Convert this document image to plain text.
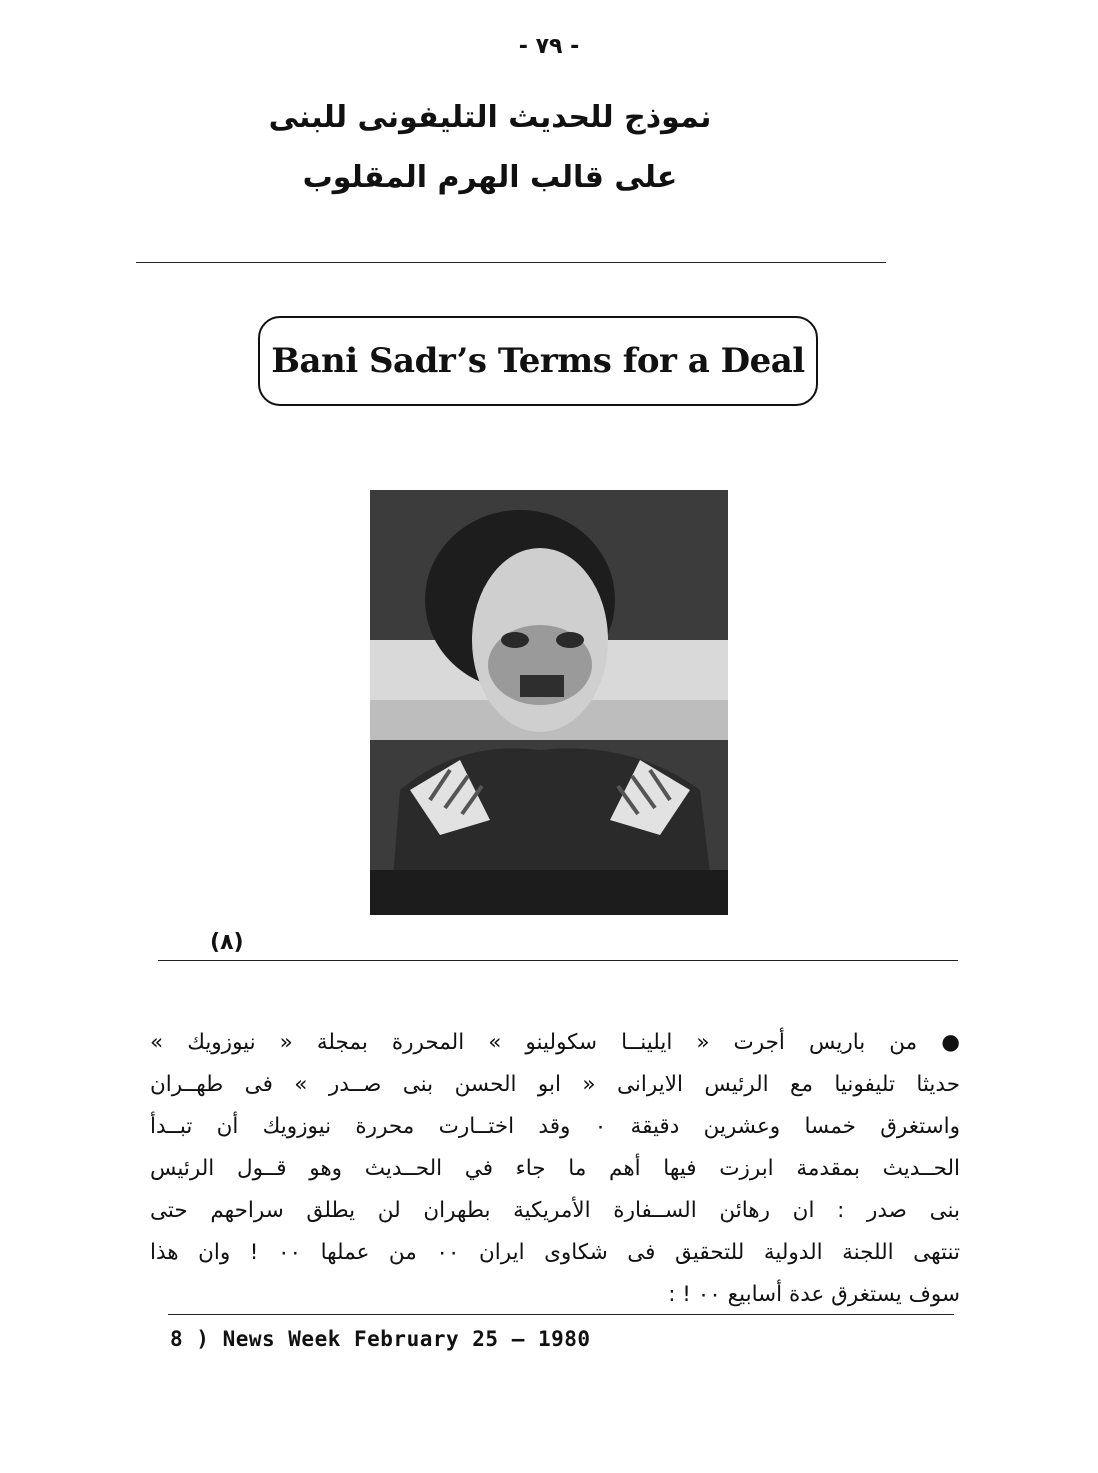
- ٧٩ -
نموذج للحديث التليفونى للبنى
على قالب الهرم المقلوب
Bani Sadr’s Terms for a Deal
(٨)
● من باريس أجرت « ايلينــا سكولينو » المحررة بمجلة « نيوزويك »
حديثا تليفونيا مع الرئيس الايرانى « ابو الحسن بنى صــدر » فى طهــران
واستغرق خمسا وعشرين دقيقة ٠ وقد اختــارت محررة نيوزويك أن تبــدأ
الحــديث بمقدمة ابرزت فيها أهم ما جاء في الحــديث وهو قــول الرئيس
بنى صدر : ان رهائن الســفارة الأمريكية بطهران لن يطلق سراحهم حتى
تنتهى اللجنة الدولية للتحقيق فى شكاوى ايران ٠٠ من عملها ٠٠ ! وان هذا
سوف يستغرق عدة أسابيع ٠٠ ! :
8 ) News Week February 25 – 1980
